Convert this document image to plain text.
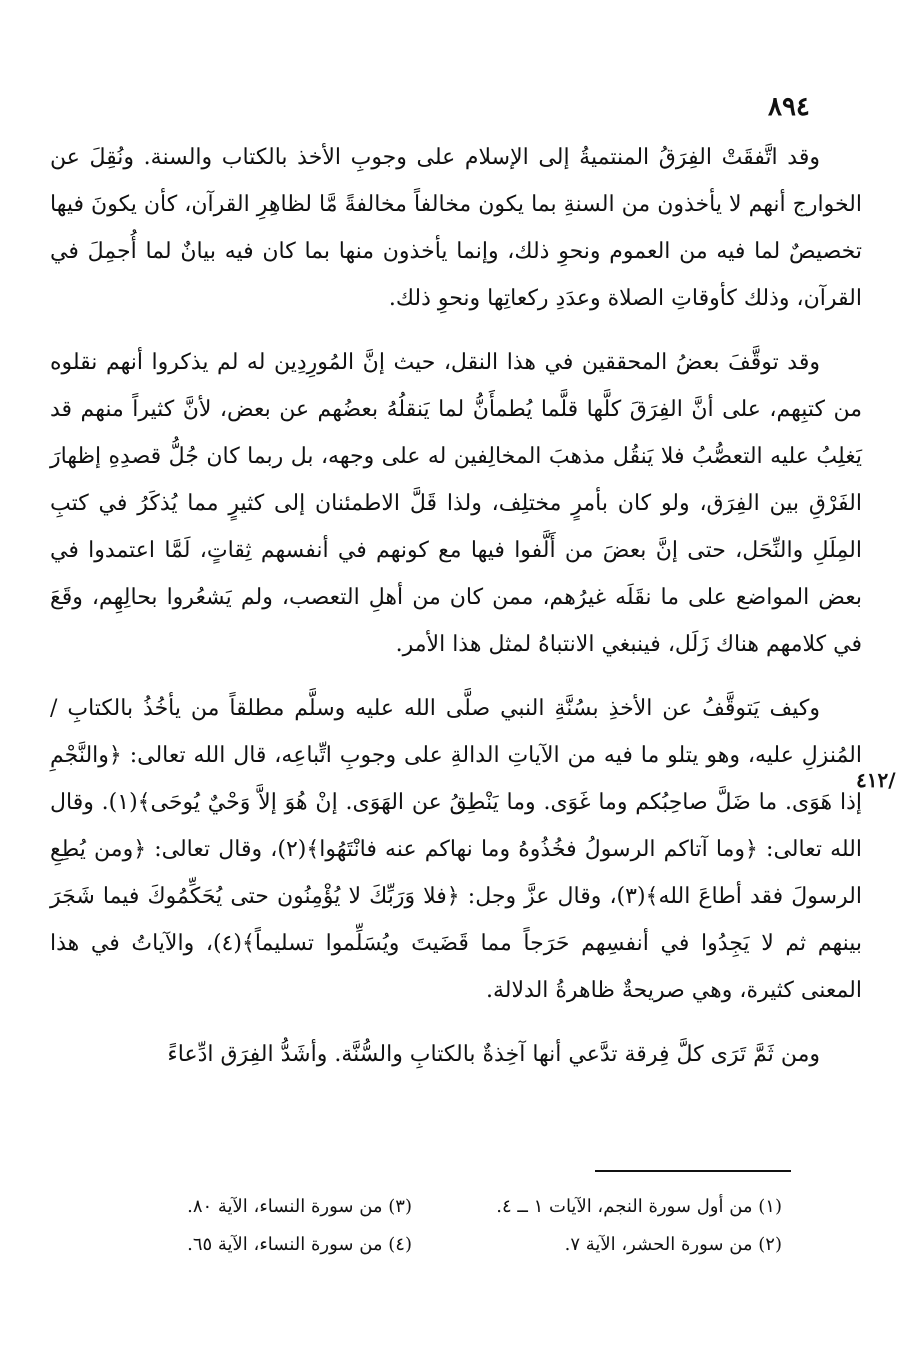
٨٩٤

وقد اتَّفقَتْ الفِرَقُ المنتميةُ إلى الإسلام على وجوبِ الأخذ بالكتاب والسنة. ونُقِلَ عن الخوارج أنهم لا يأخذون من السنةِ بما يكون مخالفاً مخالفةً مَّا لظاهِرِ القرآن، كأن يكونَ فيها تخصيصٌ لما فيه من العموم ونحوِ ذلك، وإنما يأخذون منها بما كان فيه بيانٌ لما أُجمِلَ في القرآن، وذلك كأوقاتِ الصلاة وعدَدِ ركعاتِها ونحوِ ذلك.

وقد توقَّفَ بعضُ المحققين في هذا النقل، حيث إنَّ المُورِدِين له لم يذكروا أنهم نقلوه من كتبِهم، على أنَّ الفِرَقَ كلَّها قلَّما يُطمأَنُّ لما يَنقلُهُ بعضُهم عن بعض، لأنَّ كثيراً منهم قد يَغلِبُ عليه التعصُّبُ فلا يَنقُل مذهبَ المخالِفين له على وجهه، بل ربما كان جُلُّ قصدِهِ إظهارَ الفَرْقِ بين الفِرَق، ولو كان بأمرٍ مختلِف، ولذا قَلَّ الاطمئنان إلى كثيرٍ مما يُذكَرُ في كتبِ المِلَلِ والنِّحَل، حتى إنَّ بعضَ من أَلَّفوا فيها مع كونهم في أنفسهم ثِقاتٍ، لَمَّا اعتمدوا في بعض المواضع على ما نقَلَه غيرُهم، ممن كان من أهلِ التعصب، ولم يَشعُروا بحالِهِم، وقَعَ في كلامهم هناك زَلَل، فينبغي الانتباهُ لمثل هذا الأمر.

وكيف يَتوقَّفُ عن الأخذِ بسُنَّةِ النبي صلَّى الله عليه وسلَّم مطلقاً من يأخُذُ بالكتابِ / المُنزلِ عليه، وهو يتلو ما فيه من الآياتِ الدالةِ على وجوبِ اتِّباعِه، قال الله تعالى: ﴿والنَّجْمِ إذا هَوَى. ما ضَلَّ صاحِبُكم وما غَوَى. وما يَنْطِقُ عن الهَوَى. إنْ هُوَ إلاَّ وَحْيٌ يُوحَى﴾(١). وقال الله تعالى: ﴿وما آتاكم الرسولُ فخُذُوهُ وما نهاكم عنه فانْتَهُوا﴾(٢)، وقال تعالى: ﴿ومن يُطِعِ الرسولَ فقد أطاعَ الله﴾(٣)، وقال عزَّ وجل: ﴿فلا وَرَبِّكَ لا يُؤْمِنُون حتى يُحَكِّمُوكَ فيما شَجَرَ بينهم ثم لا يَجِدُوا في أنفسِهم حَرَجاً مما قَضَيتَ ويُسَلِّموا تسليماً﴾(٤)، والآياتُ في هذا المعنى كثيرة، وهي صريحةٌ ظاهرةُ الدلالة.

ومن ثَمَّ تَرَى كلَّ فِرقة تدَّعي أنها آخِذةٌ بالكتابِ والسُّنَّة. وأشَدُّ الفِرَق ادِّعاءً

٤١٢/
(١) من أول سورة النجم، الآيات ١ ــ ٤.
(٣) من سورة النساء، الآية ٨٠.
(٢) من سورة الحشر، الآية ٧.
(٤) من سورة النساء، الآية ٦٥.
